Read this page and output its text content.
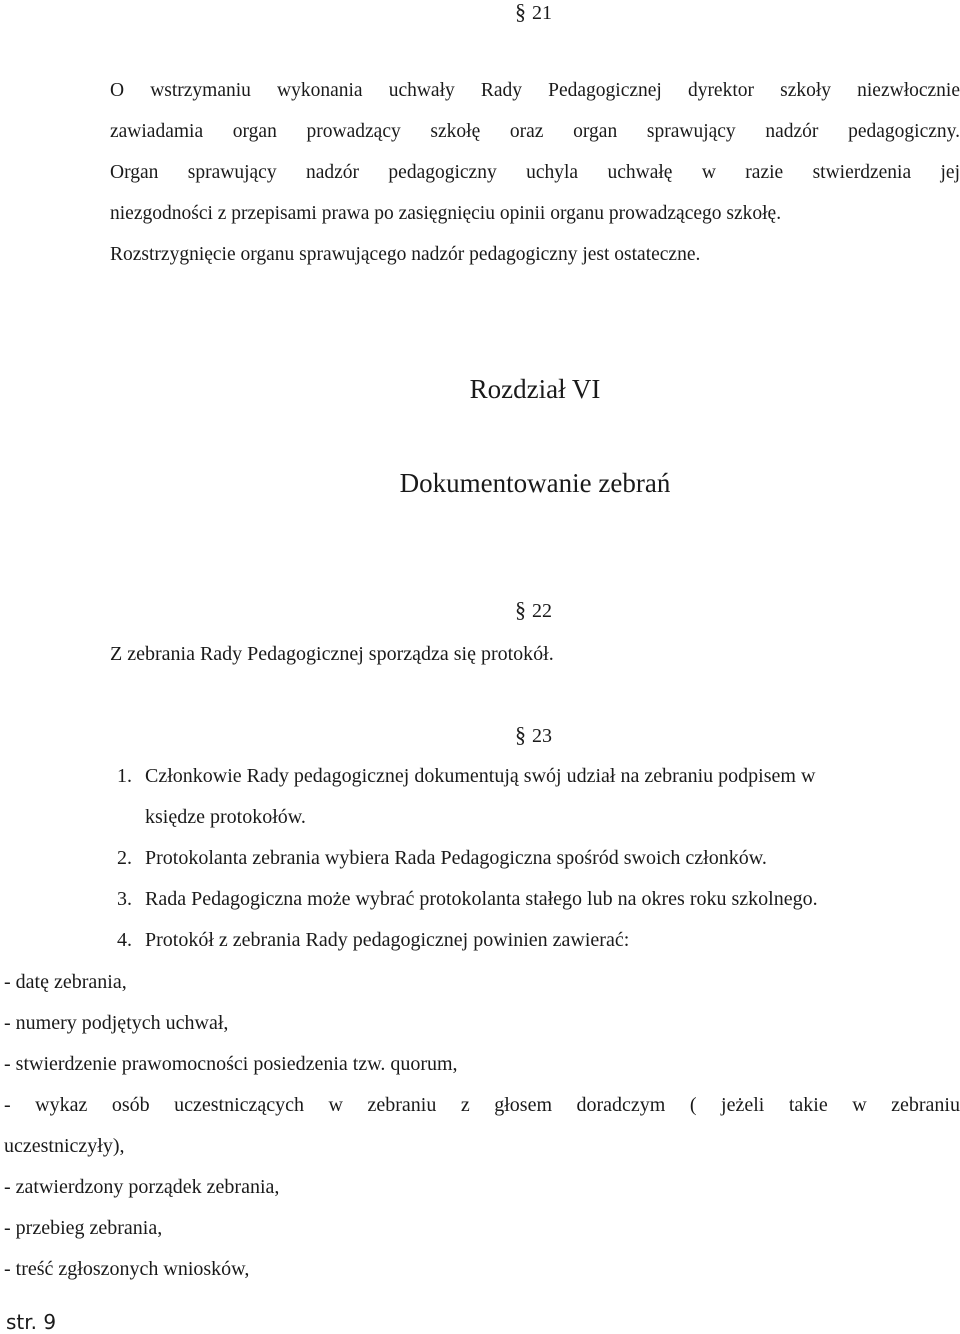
§ 21
O wstrzymaniu wykonania uchwały Rady Pedagogicznej dyrektor szkoły niezwłocznie
zawiadamia organ prowadzący szkołę oraz organ sprawujący nadzór pedagogiczny.
Organ sprawujący nadzór pedagogiczny uchyla uchwałę w razie stwierdzenia jej
niezgodności z przepisami prawa po zasięgnięciu opinii organu prowadzącego szkołę.
Rozstrzygnięcie organu sprawującego nadzór pedagogiczny jest ostateczne.
Rozdział VI
Dokumentowanie zebrań
§ 22
Z zebrania Rady Pedagogicznej sporządza się protokół.
§ 23
1. Członkowie Rady pedagogicznej dokumentują swój udział na zebraniu podpisem w
księdze protokołów.
2. Protokolanta zebrania wybiera Rada Pedagogiczna spośród swoich członków.
3. Rada Pedagogiczna może wybrać protokolanta stałego lub na okres roku szkolnego.
4. Protokół z zebrania Rady pedagogicznej powinien zawierać:
- datę zebrania,
- numery podjętych uchwał,
- stwierdzenie prawomocności posiedzenia tzw. quorum,
- wykaz osób uczestniczących w zebraniu z głosem doradczym ( jeżeli takie w zebraniu
uczestniczyły),
- zatwierdzony porządek zebrania,
- przebieg zebrania,
- treść zgłoszonych wniosków,
str. 9
